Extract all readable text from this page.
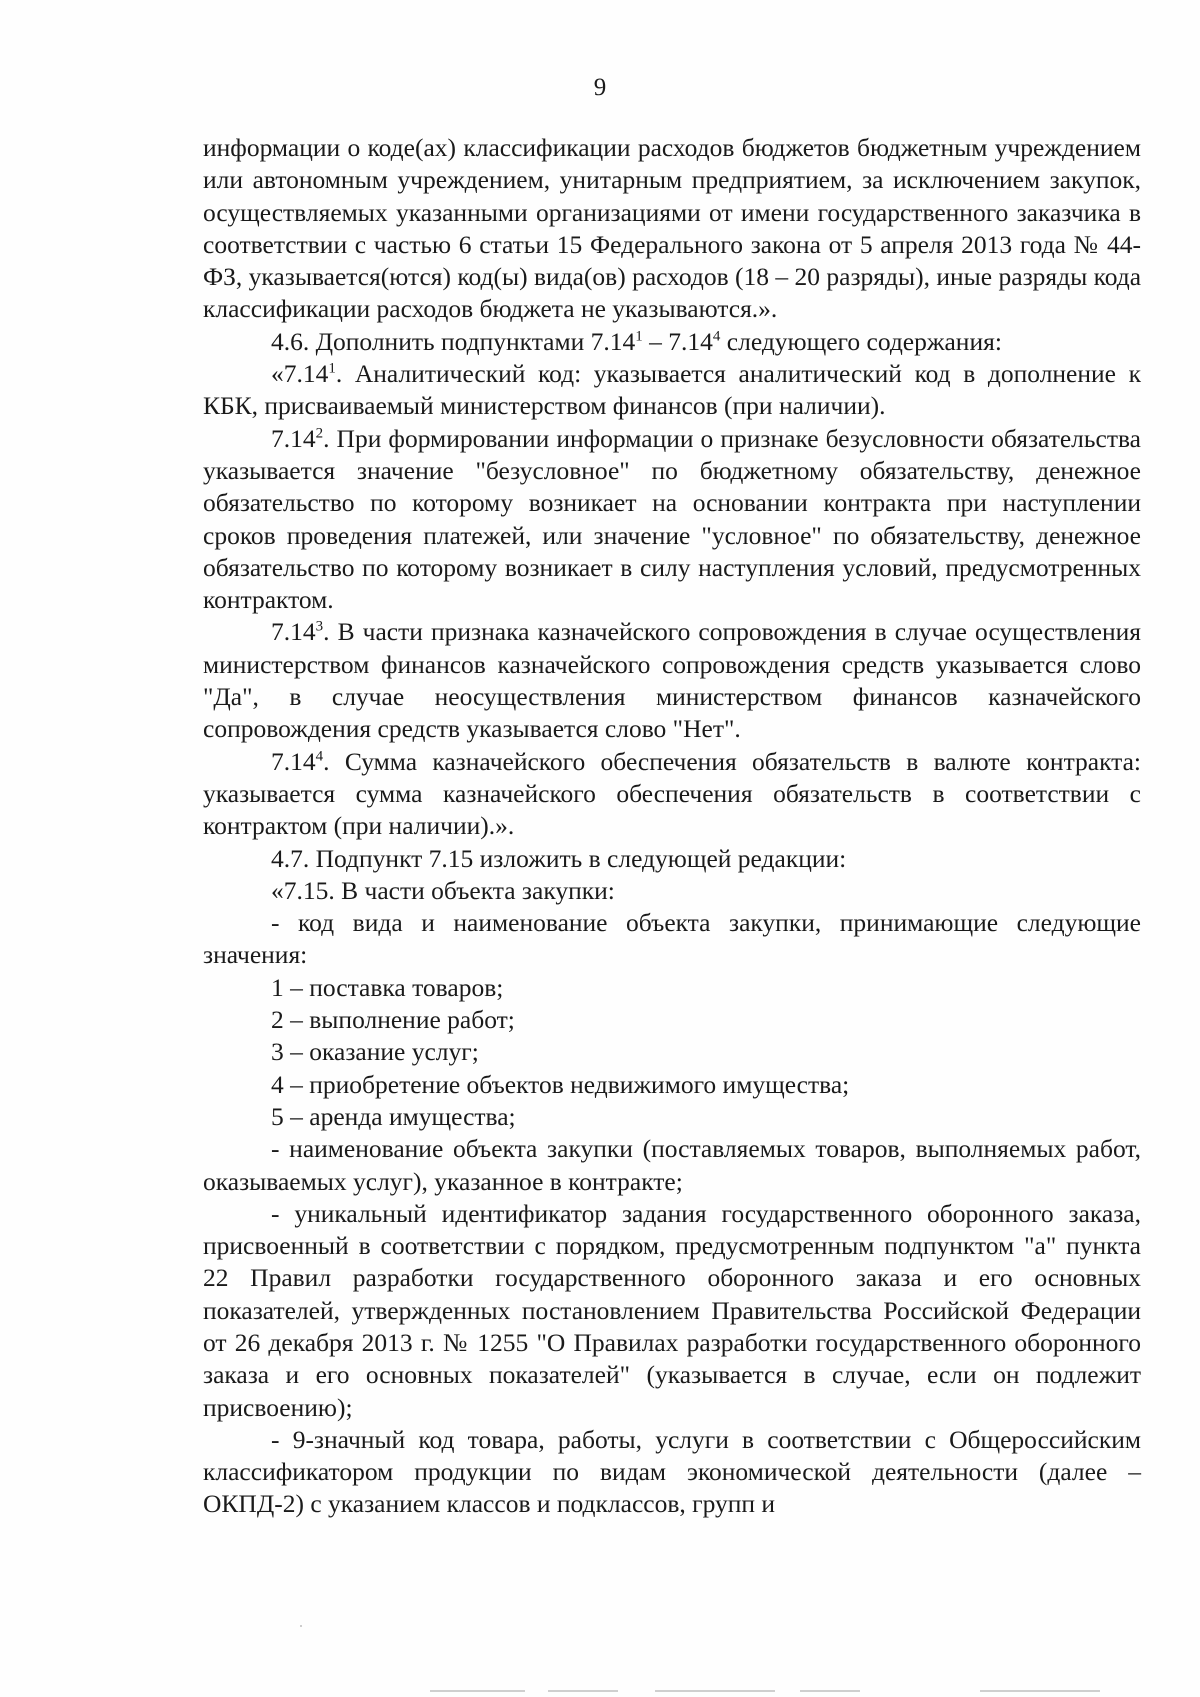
9

информации о коде(ах) классификации расходов бюджетов бюджетным учреждением или автономным учреждением, унитарным предприятием, за исключением закупок, осуществляемых указанными организациями от имени государственного заказчика в соответствии с частью 6 статьи 15 Федерального закона от 5 апреля 2013 года № 44-ФЗ, указывается(ются) код(ы) вида(ов) расходов (18 – 20 разряды), иные разряды кода классификации расходов бюджета не указываются.».

4.6. Дополнить подпунктами 7.14$^1$ – 7.14$^4$ следующего содержания:

«7.14$^1$. Аналитический код: указывается аналитический код в дополнение к КБК, присваиваемый министерством финансов (при наличии).

7.14$^2$. При формировании информации о признаке безусловности обязательства указывается значение "безусловное" по бюджетному обязательству, денежное обязательство по которому возникает на основании контракта при наступлении сроков проведения платежей, или значение "условное" по обязательству, денежное обязательство по которому возникает в силу наступления условий, предусмотренных контрактом.

7.14$^3$. В части признака казначейского сопровождения в случае осуществления министерством финансов казначейского сопровождения средств указывается слово "Да", в случае неосуществления министерством финансов казначейского сопровождения средств указывается слово "Нет".

7.14$^4$. Сумма казначейского обеспечения обязательств в валюте контракта: указывается сумма казначейского обеспечения обязательств в соответствии с контрактом (при наличии).».

4.7. Подпункт 7.15 изложить в следующей редакции:

«7.15. В части объекта закупки:

- код вида и наименование объекта закупки, принимающие следующие значения:

1 – поставка товаров;

2 – выполнение работ;

3 – оказание услуг;

4 – приобретение объектов недвижимого имущества;

5 – аренда имущества;

- наименование объекта закупки (поставляемых товаров, выполняемых работ, оказываемых услуг), указанное в контракте;

- уникальный идентификатор задания государственного оборонного заказа, присвоенный в соответствии с порядком, предусмотренным подпунктом "а" пункта 22 Правил разработки государственного оборонного заказа и его основных показателей, утвержденных постановлением Правительства Российской Федерации от 26 декабря 2013 г. № 1255 "О Правилах разработки государственного оборонного заказа и его основных показателей" (указывается в случае, если он подлежит присвоению);

- 9-значный код товара, работы, услуги в соответствии с Общероссийским классификатором продукции по видам экономической деятельности (далее – ОКПД-2) с указанием классов и подклассов, групп и
